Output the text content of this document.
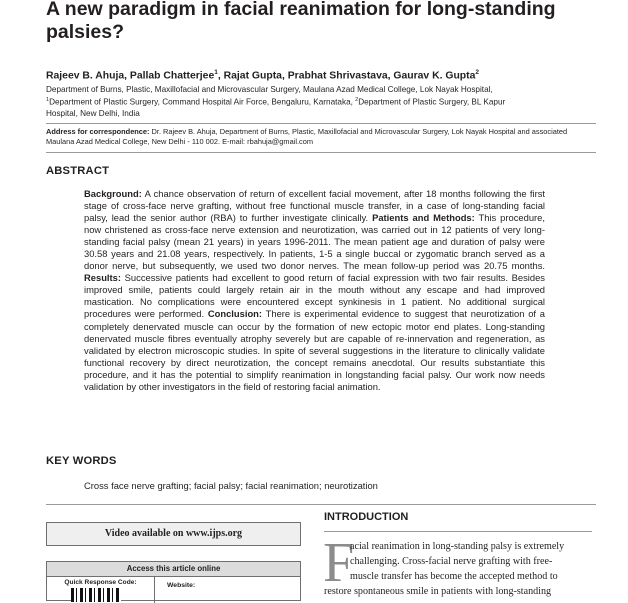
A new paradigm in facial reanimation for long-standing palsies?
Rajeev B. Ahuja, Pallab Chatterjee$^1$, Rajat Gupta, Prabhat Shrivastava, Gaurav K. Gupta$^2$
Department of Burns, Plastic, Maxillofacial and Microvascular Surgery, Maulana Azad Medical College, Lok Nayak Hospital,
$^1$Department of Plastic Surgery, Command Hospital Air Force, Bengaluru, Karnataka, $^2$Department of Plastic Surgery, BL Kapur
Hospital, New Delhi, India
Address for correspondence: Dr. Rajeev B. Ahuja, Department of Burns, Plastic, Maxillofacial and Microvascular Surgery, Lok Nayak Hospital and associated Maulana Azad Medical College, New Delhi - 110 002. E-mail: rbahuja@gmail.com
ABSTRACT
Background: A chance observation of return of excellent facial movement, after 18 months following the first stage of cross-face nerve grafting, without free functional muscle transfer, in a case of long-standing facial palsy, lead the senior author (RBA) to further investigate clinically. Patients and Methods: This procedure, now christened as cross-face nerve extension and neurotization, was carried out in 12 patients of very long-standing facial palsy (mean 21 years) in years 1996-2011. The mean patient age and duration of palsy were 30.58 years and 21.08 years, respectively. In patients, 1-5 a single buccal or zygomatic branch served as a donor nerve, but subsequently, we used two donor nerves. The mean follow-up period was 20.75 months. Results: Successive patients had excellent to good return of facial expression with two fair results. Besides improved smile, patients could largely retain air in the mouth without any escape and had improved mastication. No complications were encountered except synkinesis in 1 patient. No additional surgical procedures were performed. Conclusion: There is experimental evidence to suggest that neurotization of a completely denervated muscle can occur by the formation of new ectopic motor end plates. Long-standing denervated muscle fibres eventually atrophy severely but are capable of re-innervation and regeneration, as validated by electron microscopic studies. In spite of several suggestions in the literature to clinically validate functional recovery by direct neurotization, the concept remains anecdotal. Our results substantiate this procedure, and it has the potential to simplify reanimation in longstanding facial palsy. Our work now needs validation by other investigators in the field of restoring facial animation.
KEY WORDS
Cross face nerve grafting; facial palsy; facial reanimation; neurotization
Video available on www.ijps.org
Access this article online
Quick Response Code:	Website:
INTRODUCTION
F
acial reanimation in long-standing palsy is extremely
challenging. Cross-facial nerve grafting with free-
muscle transfer has become the accepted method to
restore spontaneous smile in patients with long-standing
